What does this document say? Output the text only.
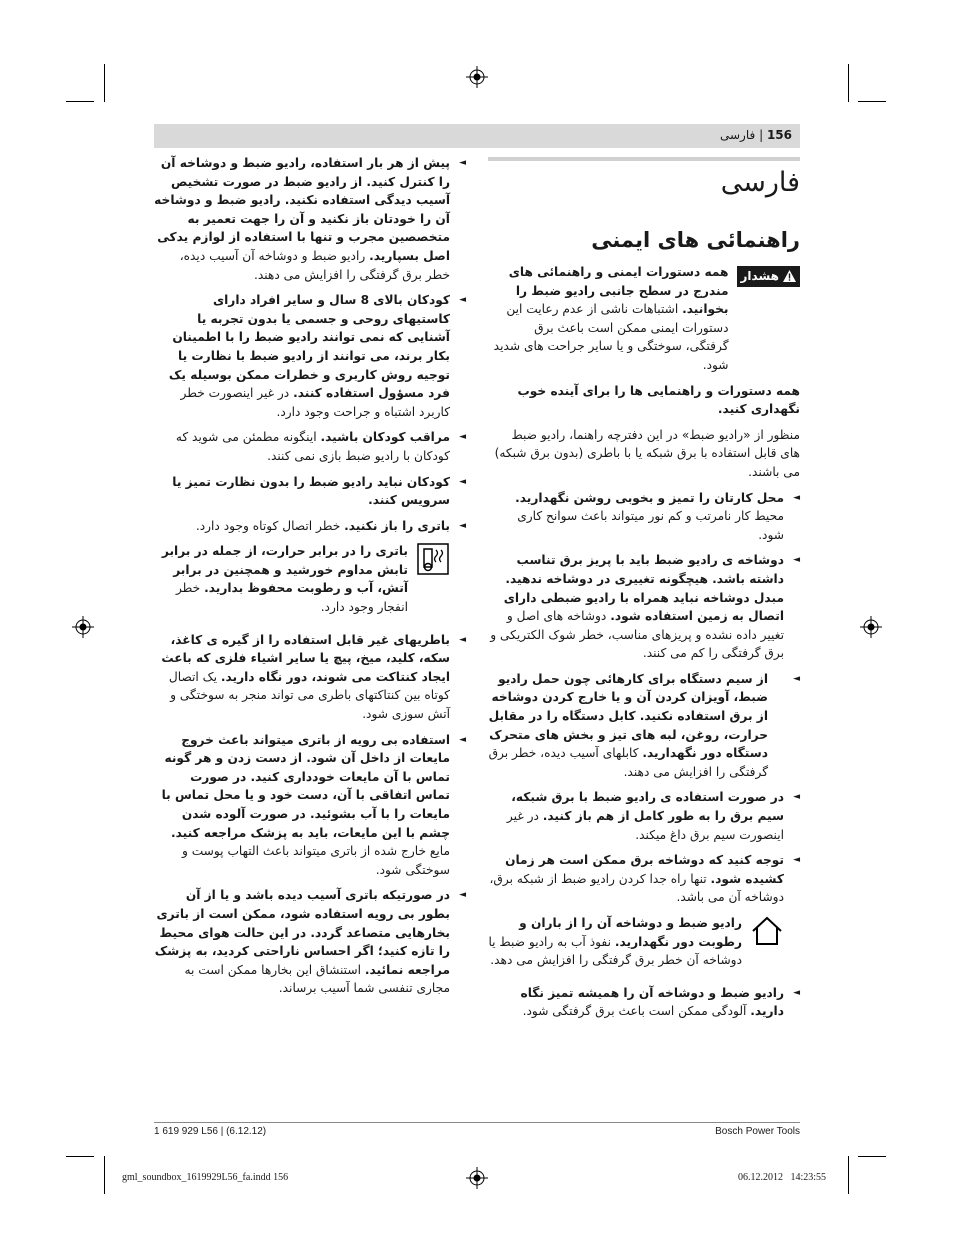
156 | فارسی
فارسی
راهنمائی های ایمنی
هشدار

همه دستورات ایمنی و راهنمائی های مندرج در سطح جانبی رادیو ضبط را بخوانید. اشتباهات ناشی از عدم رعایت این دستورات ایمنی ممکن است باعث برق گرفتگی، سوختگی و یا سایر جراحت های شدید شود.

همه دستورات و راهنمایی ها را برای آینده خوب نگهداری کنید.

منظور از «رادیو ضبط» در این دفترچه راهنما، رادیو ضبط های قابل استفاده با برق شبکه یا با باطری (بدون برق شبکه) می باشند.

◄ محل کارتان را تمیز و بخوبی روشن نگهدارید. محیط کار نامرتب و کم نور میتواند باعث سوانح کاری شود.
◄ دوشاخه ی رادیو ضبط باید با پریز برق تناسب داشته باشد. هیچگونه تغییری در دوشاخه ندهید. مبدل دوشاخه نباید همراه با رادیو ضبطی دارای اتصال به زمین استفاده شود. دوشاخه های اصل و تغییر داده نشده و پریزهای مناسب، خطر شوک الکتریکی و برق گرفتگی را کم می کنند.
◄ از سیم دستگاه برای کارهائی چون حمل رادیو ضبط، آویزان کردن آن و یا خارج کردن دوشاخه از برق استفاده نکنید. کابل دستگاه را در مقابل حرارت، روغن، لبه های تیز و بخش های متحرک دستگاه دور نگهدارید. کابلهای آسیب دیده، خطر برق گرفتگی را افزایش می دهند.
◄ در صورت استفاده ی رادیو ضبط با برق شبکه، سیم برق را به طور کامل از هم باز کنید. در غیر اینصورت سیم برق داغ میکند.
◄ توجه کنید که دوشاخه برق ممکن است هر زمان کشیده شود. تنها راه جدا کردن رادیو ضبط از شبکه برق، دوشاخه آن می باشد.

رادیو ضبط و دوشاخه آن را از باران و رطوبت دور نگهدارید. نفوذ آب به رادیو ضبط یا دوشاخه آن خطر برق گرفتگی را افزایش می دهد.

◄ رادیو ضبط و دوشاخه آن را همیشه تمیز نگاه دارید. آلودگی ممکن است باعث برق گرفتگی شود.
◄ پیش از هر بار استفاده، رادیو ضبط و دوشاخه آن را کنترل کنید. از رادیو ضبط در صورت تشخیص آسیب دیدگی استفاده نکنید. رادیو ضبط و دوشاخه آن را خودتان باز نکنید و آن را جهت تعمیر به متخصصین مجرب و تنها با استفاده از لوازم یدکی اصل بسپارید. رادیو ضبط و دوشاخه آن آسیب دیده، خطر برق گرفتگی را افزایش می دهند.
◄ کودکان بالای 8 سال و سایر افراد دارای کاستیهای روحی و جسمی یا بدون تجربه یا آشنایی که نمی توانند رادیو ضبط را با اطمینان بکار برند، می توانند از رادیو ضبط با نظارت یا توجیه روش کاربری و خطرات ممکن بوسیله یک فرد مسؤول استفاده کنند. در غیر اینصورت خطر کاربرد اشتباه و جراحت وجود دارد.
◄ مراقب کودکان باشید. اینگونه مطمئن می شوید که کودکان با رادیو ضبط بازی نمی کنند.
◄ کودکان نباید رادیو ضبط را بدون نظارت تمیز یا سرویس کنند.
◄ باتری را باز نکنید. خطر اتصال کوتاه وجود دارد.

باتری را در برابر حرارت، از جمله در برابر تابش مداوم خورشید و همچنین در برابر آتش، آب و رطوبت محفوظ بدارید. خطر انفجار وجود دارد.

◄ باطریهای غیر قابل استفاده را از گیره ی کاغذ، سکه، کلید، میخ، پیچ یا سایر اشیاء فلزی که باعث ایجاد کنتاکت می شوند، دور نگاه دارید. یک اتصال کوتاه بین کنتاکتهای باطری می تواند منجر به سوختگی و آتش سوزی شود.
◄ استفاده بی رویه از باتری میتواند باعث خروج مایعات از داخل آن شود. از دست زدن و هر گونه تماس با آن مایعات خودداری کنید. در صورت تماس اتفاقی با آن، دست خود و یا محل تماس با مایعات را با آب بشوئید. در صورت آلوده شدن چشم با این مایعات، باید به پزشک مراجعه کنید. مایع خارج شده از باتری میتواند باعث التهاب پوست و سوختگی شود.
◄ در صورتیکه باتری آسیب دیده باشد و یا از آن بطور بی رویه استفاده شود، ممکن است از باتری بخارهایی متصاعد گردد. در این حالت هوای محیط را تازه کنید؛ اگر احساس ناراحتی کردید، به پزشک مراجعه نمائید. استنشاق این بخارها ممکن است به مجاری تنفسی شما آسیب برساند.
1 619 929 L56 | (6.12.12)	Bosch Power Tools
gml_soundbox_1619929L56_fa.indd 156	06.12.2012   14:23:55
